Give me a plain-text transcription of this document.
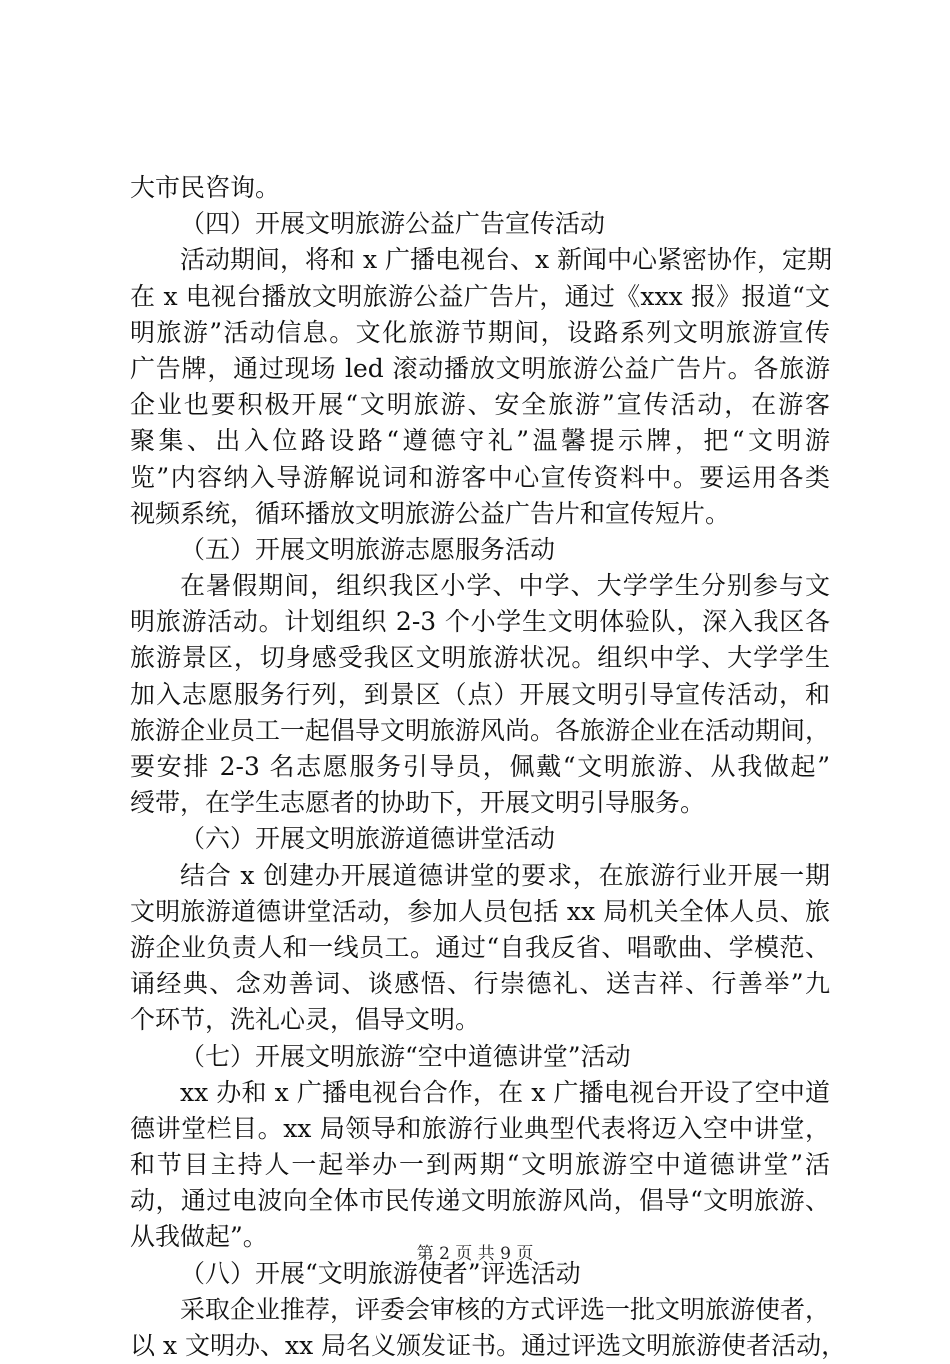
大市民咨询。
（四）开展文明旅游公益广告宣传活动
活动期间，将和 x 广播电视台、x 新闻中心紧密协作，定期
在 x 电视台播放文明旅游公益广告片，通过《xxx 报》报道“文
明旅游”活动信息。文化旅游节期间，设路系列文明旅游宣传
广告牌，通过现场 led 滚动播放文明旅游公益广告片。各旅游
企业也要积极开展“文明旅游、安全旅游”宣传活动，在游客
聚集、出入位路设路“遵德守礼”温馨提示牌，把“文明游
览”内容纳入导游解说词和游客中心宣传资料中。要运用各类
视频系统，循环播放文明旅游公益广告片和宣传短片。
（五）开展文明旅游志愿服务活动
在暑假期间，组织我区小学、中学、大学学生分别参与文
明旅游活动。计划组织 2-3 个小学生文明体验队，深入我区各
旅游景区，切身感受我区文明旅游状况。组织中学、大学学生
加入志愿服务行列，到景区（点）开展文明引导宣传活动，和
旅游企业员工一起倡导文明旅游风尚。各旅游企业在活动期间，
要安排 2-3 名志愿服务引导员，佩戴“文明旅游、从我做起”
绶带，在学生志愿者的协助下，开展文明引导服务。
（六）开展文明旅游道德讲堂活动
结合 x 创建办开展道德讲堂的要求，在旅游行业开展一期
文明旅游道德讲堂活动，参加人员包括 xx 局机关全体人员、旅
游企业负责人和一线员工。通过“自我反省、唱歌曲、学模范、
诵经典、念劝善词、谈感悟、行崇德礼、送吉祥、行善举”九
个环节，洗礼心灵，倡导文明。
（七）开展文明旅游“空中道德讲堂”活动
xx 办和 x 广播电视台合作，在 x 广播电视台开设了空中道
德讲堂栏目。xx 局领导和旅游行业典型代表将迈入空中讲堂，
和节目主持人一起举办一到两期“文明旅游空中道德讲堂”活
动，通过电波向全体市民传递文明旅游风尚，倡导“文明旅游、
从我做起”。
（八）开展“文明旅游使者”评选活动
采取企业推荐，评委会审核的方式评选一批文明旅游使者，
以 x 文明办、xx 局名义颁发证书。通过评选文明旅游使者活动，
第 2 页 共 9 页
